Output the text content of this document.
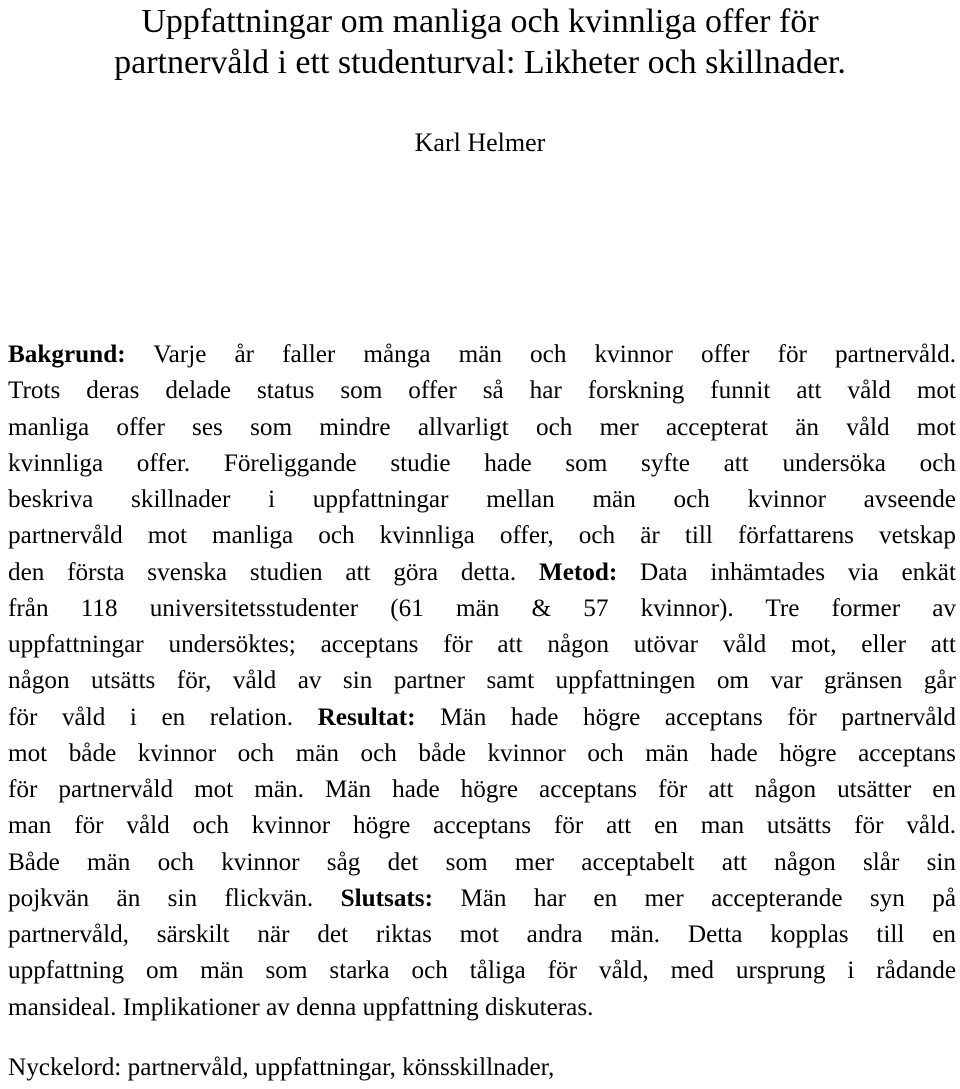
Uppfattningar om manliga och kvinnliga offer för
partnervåld i ett studenturval: Likheter och skillnader.
Karl Helmer
Bakgrund: Varje år faller många män och kvinnor offer för partnervåld.
Trots deras delade status som offer så har forskning funnit att våld mot
manliga offer ses som mindre allvarligt och mer accepterat än våld mot
kvinnliga offer. Föreliggande studie hade som syfte att undersöka och
beskriva skillnader i uppfattningar mellan män och kvinnor avseende
partnervåld mot manliga och kvinnliga offer, och är till författarens vetskap
den första svenska studien att göra detta. Metod: Data inhämtades via enkät
från 118 universitetsstudenter (61 män & 57 kvinnor). Tre former av
uppfattningar undersöktes; acceptans för att någon utövar våld mot, eller att
någon utsätts för, våld av sin partner samt uppfattningen om var gränsen går
för våld i en relation. Resultat: Män hade högre acceptans för partnervåld
mot både kvinnor och män och både kvinnor och män hade högre acceptans
för partnervåld mot män. Män hade högre acceptans för att någon utsätter en
man för våld och kvinnor högre acceptans för att en man utsätts för våld.
Både män och kvinnor såg det som mer acceptabelt att någon slår sin
pojkvän än sin flickvän. Slutsats: Män har en mer accepterande syn på
partnervåld, särskilt när det riktas mot andra män. Detta kopplas till en
uppfattning om män som starka och tåliga för våld, med ursprung i rådande
mansideal. Implikationer av denna uppfattning diskuteras.
Nyckelord: partnervåld, uppfattningar, könsskillnader,
